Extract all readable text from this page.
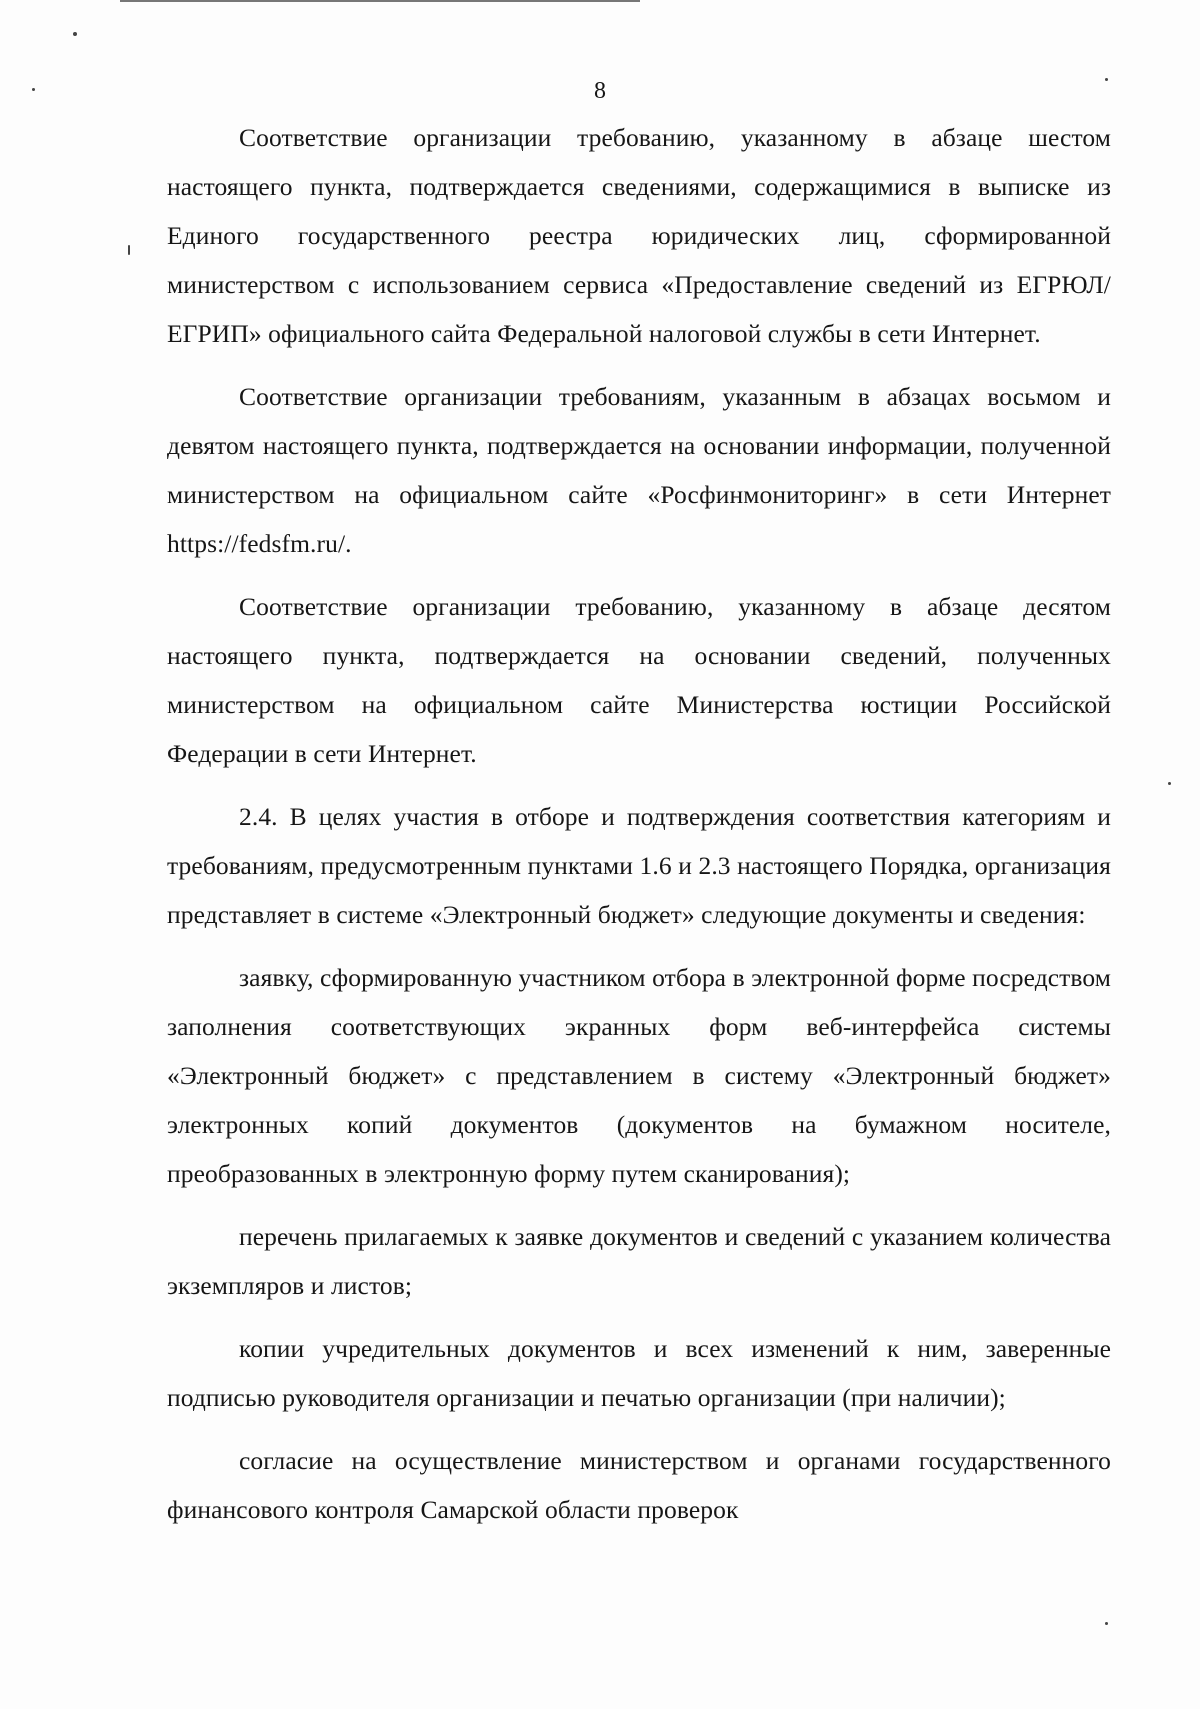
8

Соответствие организации требованию, указанному в абзаце шестом настоящего пункта, подтверждается сведениями, содержащимися в выписке из Единого государственного реестра юридических лиц, сформированной министерством с использованием сервиса «Предоставление сведений из ЕГРЮЛ/ЕГРИП» официального сайта Федеральной налоговой службы в сети Интернет.

Соответствие организации требованиям, указанным в абзацах восьмом и девятом настоящего пункта, подтверждается на основании информации, полученной министерством на официальном сайте «Росфинмониторинг» в сети Интернет https://fedsfm.ru/.

Соответствие организации требованию, указанному в абзаце десятом настоящего пункта, подтверждается на основании сведений, полученных министерством на официальном сайте Министерства юстиции Российской Федерации в сети Интернет.

2.4. В целях участия в отборе и подтверждения соответствия категориям и требованиям, предусмотренным пунктами 1.6 и 2.3 настоящего Порядка, организация представляет в системе «Электронный бюджет» следующие документы и сведения:

заявку, сформированную участником отбора в электронной форме посредством заполнения соответствующих экранных форм веб-интерфейса системы «Электронный бюджет» с представлением в систему «Электронный бюджет» электронных копий документов (документов на бумажном носителе, преобразованных в электронную форму путем сканирования);

перечень прилагаемых к заявке документов и сведений с указанием количества экземпляров и листов;

копии учредительных документов и всех изменений к ним, заверенные подписью руководителя организации и печатью организации (при наличии);

согласие на осуществление министерством и органами государственного финансового контроля Самарской области проверок
